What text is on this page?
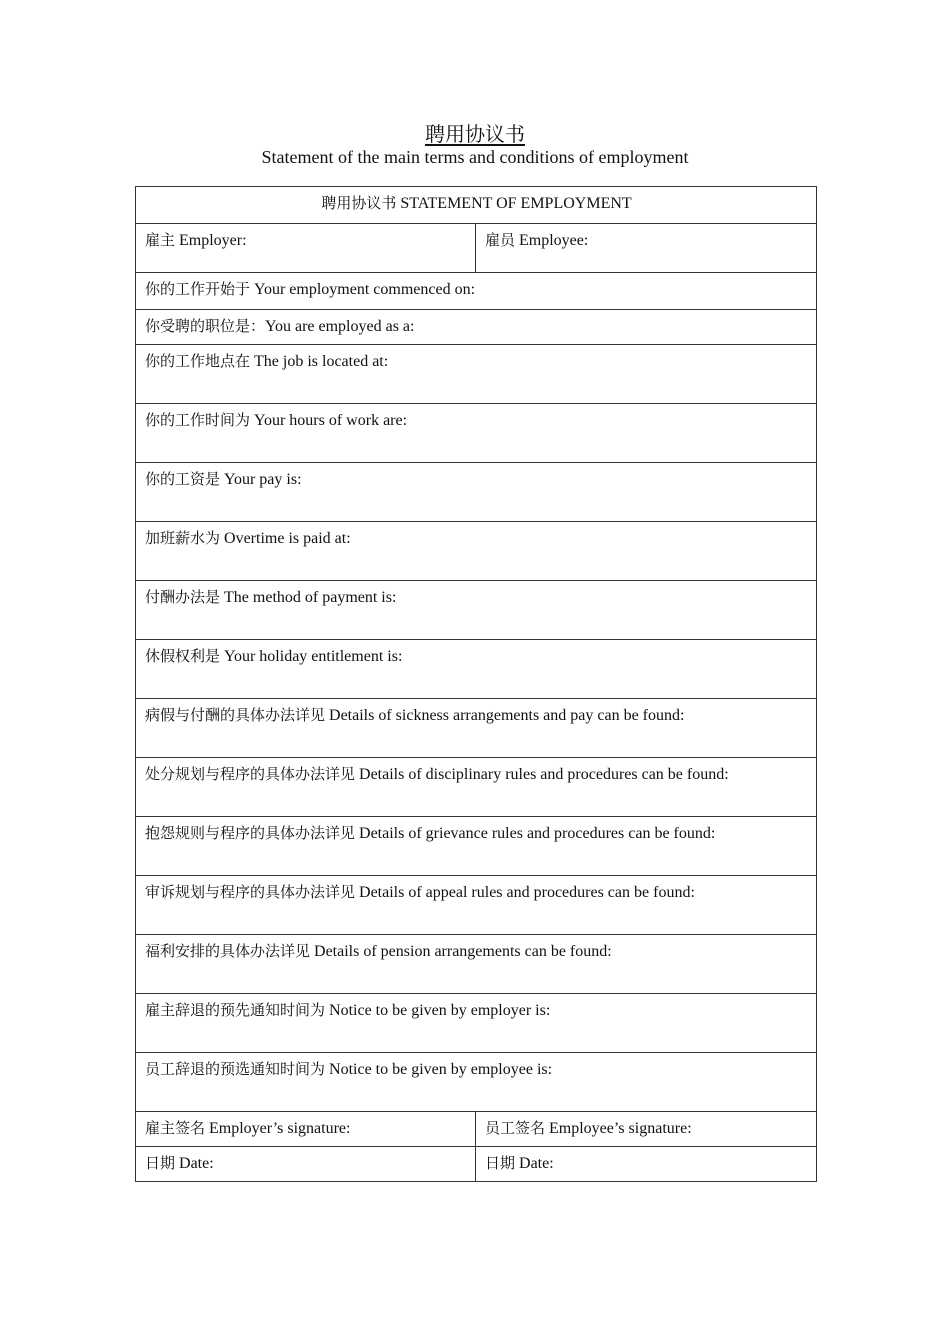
聘用协议书
Statement of the main terms and conditions of employment
聘用协议书 STATEMENT OF EMPLOYMENT	
雇主 Employer:	雇员 Employee:
你的工作开始于 Your employment commenced on:	
你受聘的职位是：You are employed as a:	
你的工作地点在 The job is located at:	
你的工作时间为 Your hours of work are:	
你的工资是 Your pay is:	
加班薪水为 Overtime is paid at:	
付酬办法是 The method of payment is:	
休假权利是 Your holiday entitlement is:	
病假与付酬的具体办法详见 Details of sickness arrangements and pay can be found:	
处分规划与程序的具体办法详见 Details of disciplinary rules and procedures can be found:	
抱怨规则与程序的具体办法详见 Details of grievance rules and procedures can be found:	
审诉规划与程序的具体办法详见 Details of appeal rules and procedures can be found:	
福利安排的具体办法详见 Details of pension arrangements can be found:	
雇主辞退的预先通知时间为 Notice to be given by employer is:	
员工辞退的预选通知时间为 Notice to be given by employee is:	
雇主签名 Employer’s signature:	员工签名 Employee’s signature:
日期 Date:	日期 Date:
